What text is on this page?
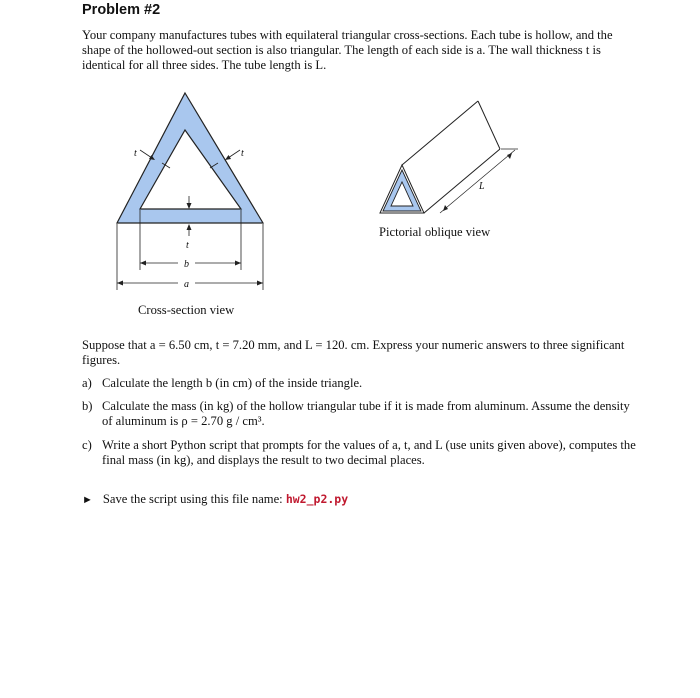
Problem #2

Your company manufactures tubes with equilateral triangular cross-sections. Each tube is hollow, and the shape of the hollowed-out section is also triangular. The length of each side is a. The wall thickness t is identical for all three sides. The tube length is L.

t	t
t
b
a
Cross-section view
L
Pictorial oblique view

Suppose that a = 6.50 cm, t = 7.20 mm, and L = 120. cm. Express your numeric answers to three significant figures.

a) Calculate the length b (in cm) of the inside triangle.
b) Calculate the mass (in kg) of the hollow triangular tube if it is made from aluminum. Assume the density of aluminum is ρ = 2.70 g / cm³.
c) Write a short Python script that prompts for the values of a, t, and L (use units given above), computes the final mass (in kg), and displays the result to two decimal places.
► Save the script using this file name: hw2_p2.py
